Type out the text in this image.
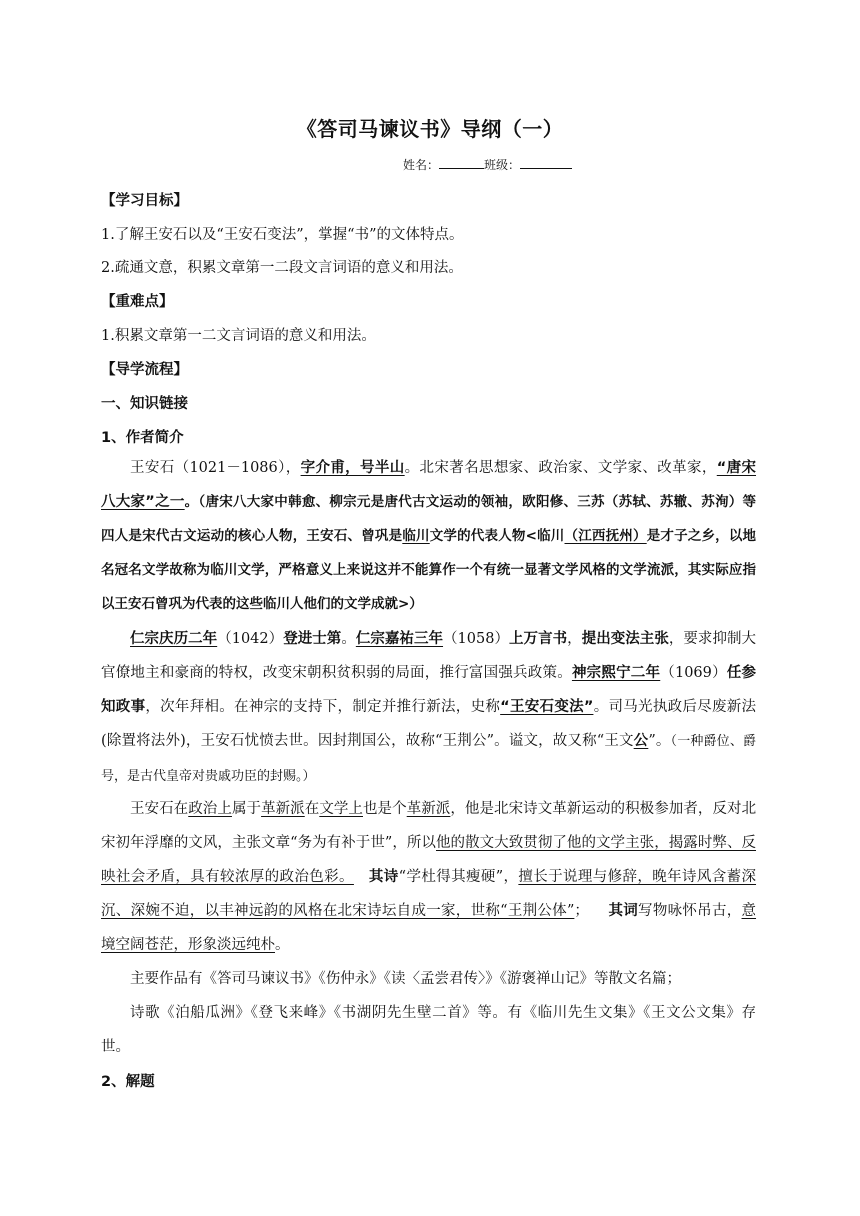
《答司马谏议书》导纲（一）
姓名：	班级：
【学习目标】
1.了解王安石以及“王安石变法”，掌握“书”的文体特点。
2.疏通文意，积累文章第一二段文言词语的意义和用法。
【重难点】
1.积累文章第一二文言词语的意义和用法。
【导学流程】
一、知识链接
1、作者简介
王安石（1021－1086），字介甫，号半山。北宋著名思想家、政治家、文学家、改革家，“唐宋八大家”之一。（唐宋八大家中韩愈、柳宗元是唐代古文运动的领袖，欧阳修、三苏（苏轼、苏辙、苏洵）等四人是宋代古文运动的核心人物，王安石、曾巩是临川文学的代表人物<临川（江西抚州）是才子之乡，以地名冠名文学故称为临川文学，严格意义上来说这并不能算作一个有统一显著文学风格的文学流派，其实际应指以王安石曾巩为代表的这些临川人他们的文学成就>）
仁宗庆历二年（1042）登进士第。仁宗嘉祐三年（1058）上万言书，提出变法主张，要求抑制大官僚地主和豪商的特权，改变宋朝积贫积弱的局面，推行富国强兵政策。神宗熙宁二年（1069）任参知政事，次年拜相。在神宗的支持下，制定并推行新法，史称“王安石变法”。司马光执政后尽废新法(除置将法外)，王安石忧愤去世。因封荆国公，故称“王荆公”。谥文，故又称“王文公”。（一种爵位、爵号，是古代皇帝对贵戚功臣的封赐。）
王安石在政治上属于革新派在文学上也是个革新派，他是北宋诗文革新运动的积极参加者，反对北宋初年浮靡的文风，主张文章“务为有补于世”，所以他的散文大致贯彻了他的文学主张，揭露时弊、反映社会矛盾，具有较浓厚的政治色彩。 其诗“学杜得其瘦硬”，擅长于说理与修辞，晚年诗风含蓄深沉、深婉不迫，以丰神远韵的风格在北宋诗坛自成一家，世称“王荆公体”； 其词写物咏怀吊古，意境空阔苍茫，形象淡远纯朴。
主要作品有《答司马谏议书》《伤仲永》《读〈孟尝君传〉》《游褒禅山记》等散文名篇；
诗歌《泊船瓜洲》《登飞来峰》《书湖阴先生壁二首》等。有《临川先生文集》《王文公文集》存世。
2、解题
